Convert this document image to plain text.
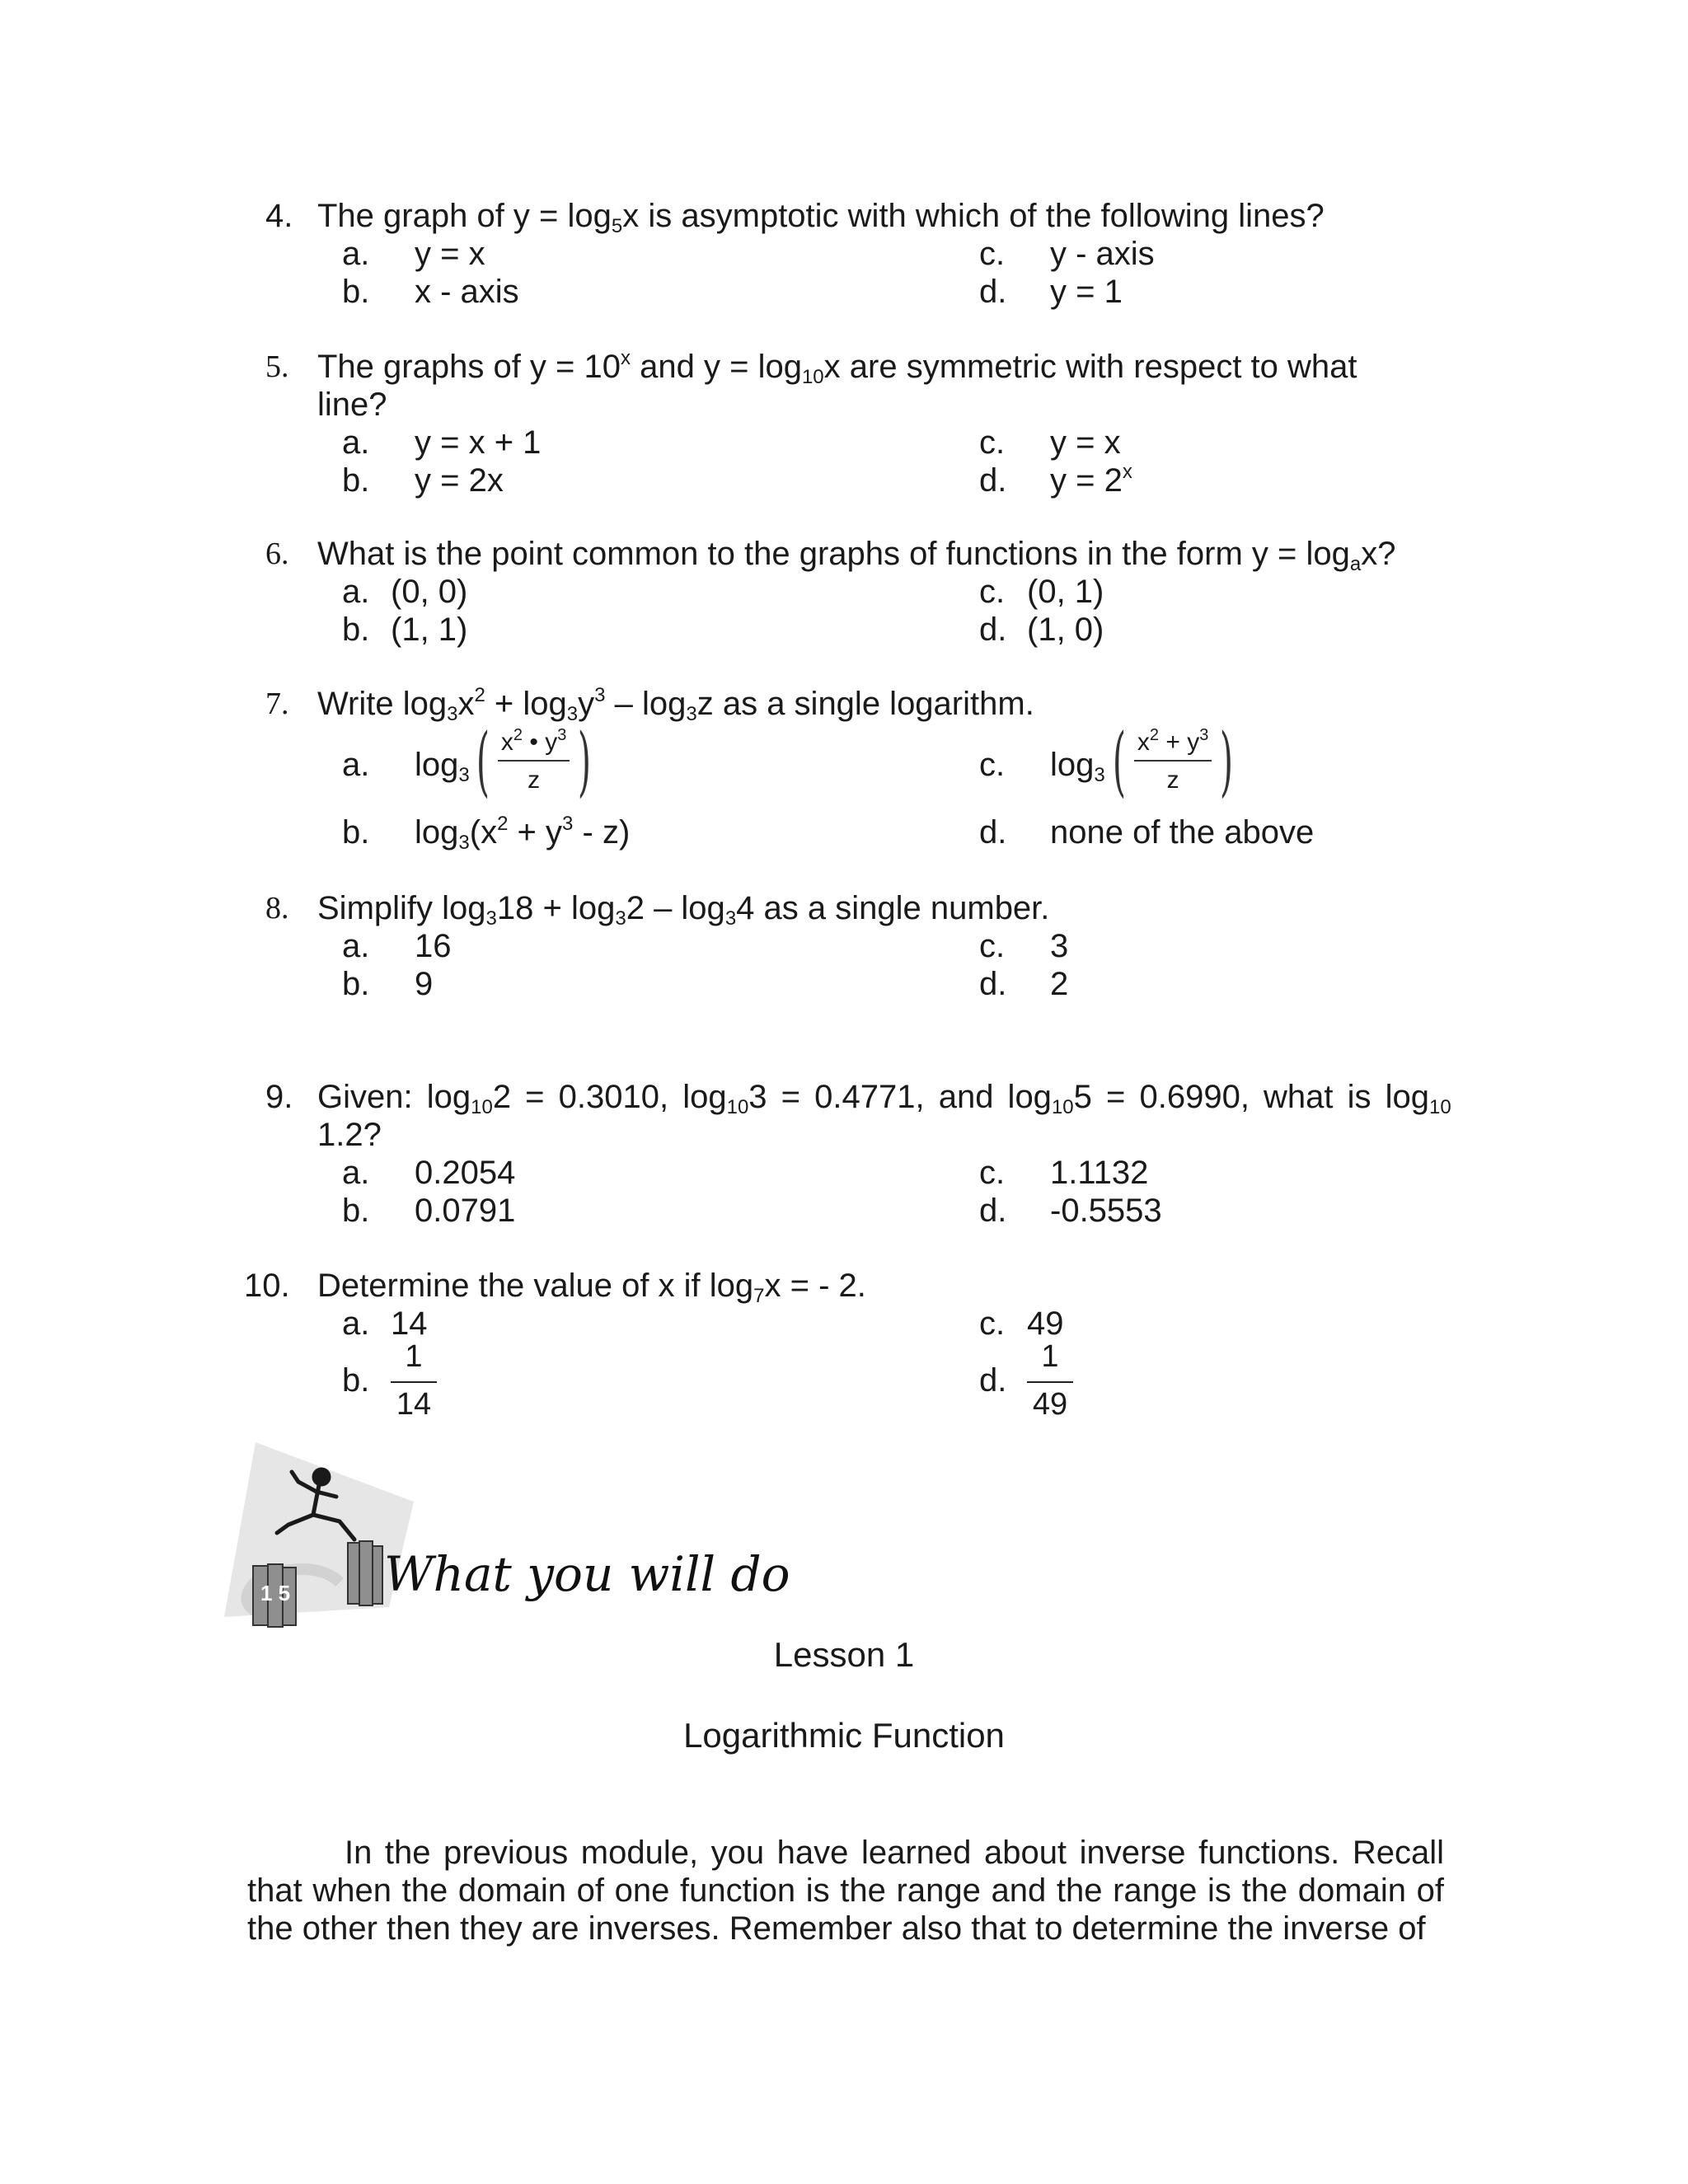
4. The graph of $y = \log_5x$ is asymptotic with which of the following lines?
a. y = x
b. x - axis
c. y - axis
d. y = 1
5. The graphs of $y = 10^x$ and $y = \log_{10}x$ are symmetric with respect to what
line?
a. y = x + 1
b. y = 2x
c. y = x
d. $y = 2^x$
6. What is the point common to the graphs of functions in the form $y = \log_ax$?
a. (0, 0)
b. (1, 1)
c. (0, 1)
d. (1, 0)
7. Write $\log_3x^2 + \log_3y^3 - \log_3z$ as a single logarithm.
a. $\log_3$ ( $\frac{x^2 • y^3}{z}$ )	c. $\log_3$ ( $\frac{x^2 + y^3}{z}$ )
b. $\log_3(x^2 + y^3 - z)$	d. none of the above
8. Simplify $\log_318 + \log_32 - \log_34$ as a single number.
a. 16
b. 9
c. 3
d. 2
9. Given: $\log_{10}2 = 0.3010$, $\log_{10}3 = 0.4771$, and $\log_{10}5 = 0.6990$, what is $\log_{10}$
1.2?
a. 0.2054
b. 0.0791
c. 1.1132
d. -0.5553
10. Determine the value of x if $\log_7x$ = - 2.
a. 14	c. 49
b.
1
14
d.
1
49
1 5 What you will do
Lesson 1
Logarithmic Function

In the previous module, you have learned about inverse functions. Recall that when the domain of one function is the range and the range is the domain of the other then they are inverses. Remember also that to determine the inverse of
